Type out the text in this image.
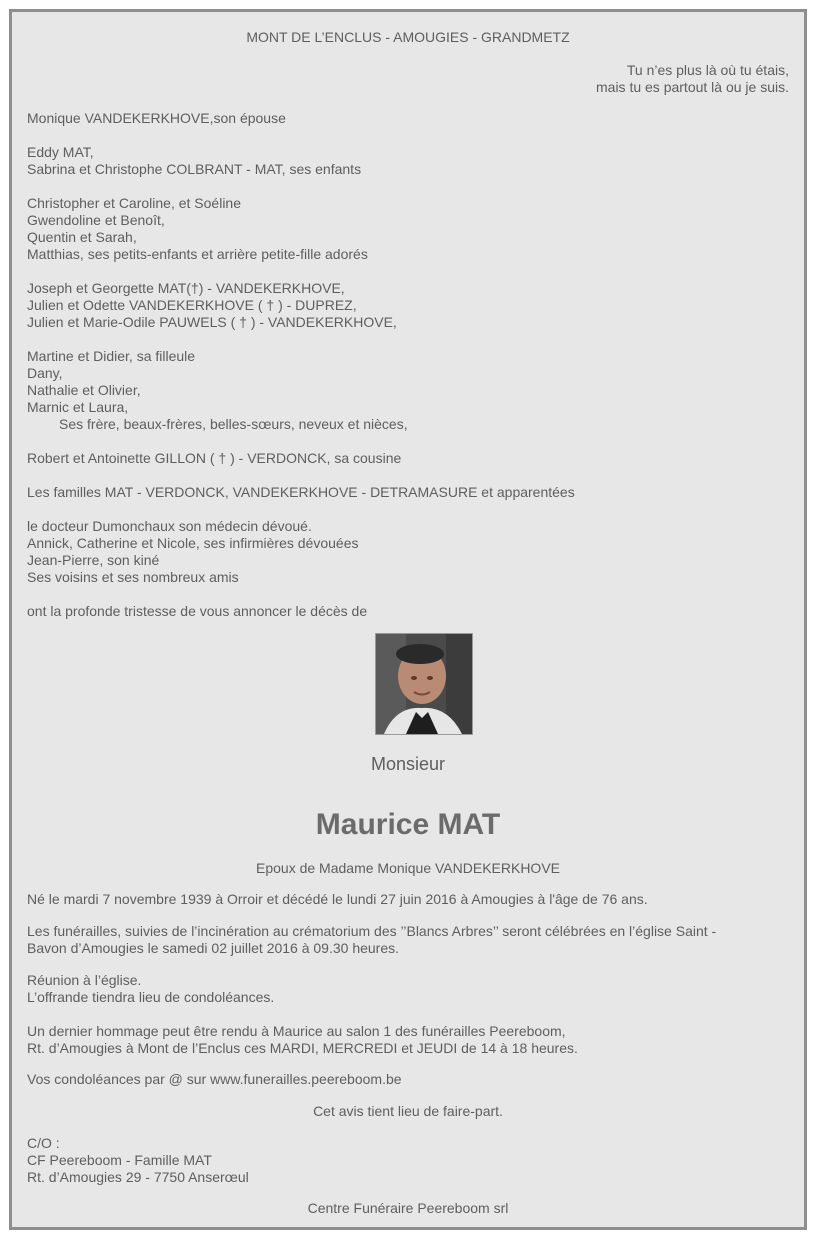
MONT DE L’ENCLUS - AMOUGIES - GRANDMETZ
Tu n’es plus là où tu étais,
mais tu es partout là ou je suis.
Monique VANDEKERKHOVE,son épouse
Eddy MAT,
Sabrina et Christophe COLBRANT - MAT, ses enfants
Christopher et Caroline, et Soéline
Gwendoline et Benoît,
Quentin et Sarah,
Matthias, ses petits-enfants et arrière petite-fille adorés
Joseph et Georgette MAT(†) - VANDEKERKHOVE,
Julien et Odette VANDEKERKHOVE ( † ) - DUPREZ,
Julien et Marie-Odile PAUWELS ( † ) - VANDEKERKHOVE,
Martine et Didier, sa filleule
Dany,
Nathalie et Olivier,
Marnic et Laura,
Ses frère, beaux-frères, belles-sœurs, neveux et nièces,
Robert et Antoinette GILLON ( † ) - VERDONCK, sa cousine
Les familles MAT - VERDONCK, VANDEKERKHOVE - DETRAMASURE et apparentées
le docteur Dumonchaux son médecin dévoué.
Annick, Catherine et Nicole, ses infirmières dévouées
Jean-Pierre, son kiné
Ses voisins et ses nombreux amis
ont la profonde tristesse de vous annoncer le décès de
Monsieur
Maurice MAT
Epoux de Madame Monique VANDEKERKHOVE
Né le mardi 7 novembre 1939 à Orroir et décédé le lundi 27 juin 2016 à Amougies à l'âge de 76 ans.
Les funérailles, suivies de l’incinération au crématorium des ’’Blancs Arbres’’ seront célébrées en l’église Saint -
Bavon d’Amougies le samedi 02 juillet 2016 à 09.30 heures.
Réunion à l’église.
L’offrande tiendra lieu de condoléances.
Un dernier hommage peut être rendu à Maurice au salon 1 des funérailles Peereboom,
Rt. d’Amougies à Mont de l’Enclus ces MARDI, MERCREDI et JEUDI de 14 à 18 heures.
Vos condoléances par @ sur www.funerailles.peereboom.be
Cet avis tient lieu de faire-part.
C/O :
CF Peereboom - Famille MAT
Rt. d’Amougies 29 - 7750 Anserœul
Centre Funéraire Peereboom srl
